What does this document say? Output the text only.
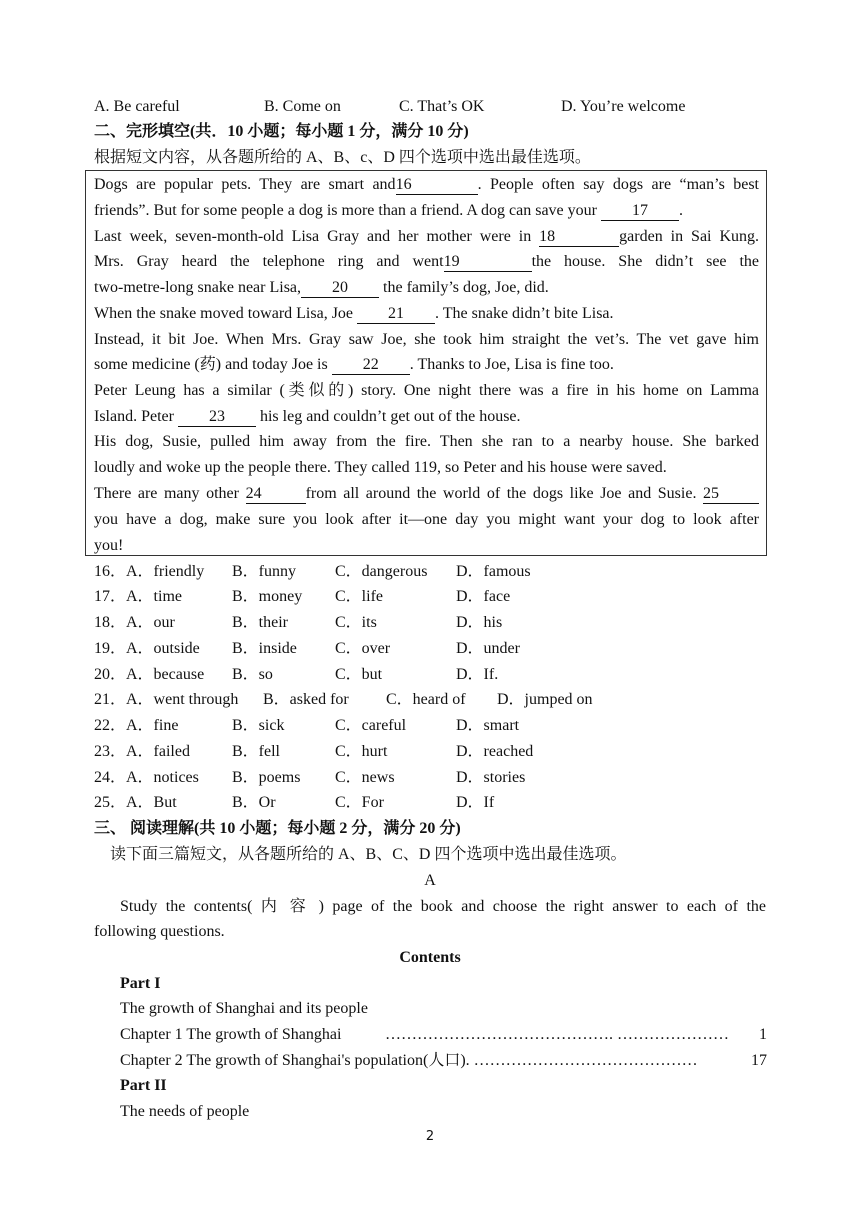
A. Be careful	B. Come on	C. That’s OK	D. You’re welcome
二、完形填空(共．10 小题；每小题 1 分，满分 10 分)
根据短文内容，从各题所给的 A、B、c、D 四个选项中选出最佳选项。
Dogs are popular pets. They are smart and16	. People often say dogs are “man’s best
friends”. But for some people a dog is more than a friend. A dog can save your 17 .
Last week, seven-month-old Lisa Gray and her mother were in 18	garden in Sai Kung.
Mrs. Gray heard the telephone ring and went19	the house. She didn’t see the
two-metre-long snake near Lisa, 20 the family’s dog, Joe, did.
When the snake moved toward Lisa, Joe 21 . The snake didn’t bite Lisa.
Instead, it bit Joe. When Mrs. Gray saw Joe, she took him straight the vet’s. The vet gave him
some medicine (药) and today Joe is 22 . Thanks to Joe, Lisa is fine too.
Peter Leung has a similar (类似的) story. One night there was a fire in his home on Lamma
Island. Peter 23 his leg and couldn’t get out of the house.
His dog, Susie, pulled him away from the fire. Then she ran to a nearby house. She barked
loudly and woke up the people there. They called 119, so Peter and his house were saved.
There are many other 24	from all around the world of the dogs like Joe and Susie. 25
you have a dog, make sure you look after it—one day you might want your dog to look after
you!
16．A．friendly B．funny C．dangerous D．famous
17．A．time	B．money C．life	D．face
18．A．our	B．their	C．its	D．his
19．A．outside B．inside C．over	D．under
20．A．because B．so	C．but	D．If.
21．A．went through B．asked for C．heard of D．jumped on
22．A．fine	B．sick	C．careful	D．smart
23．A．failed	B．fell	C．hurt	D．reached
24．A．notices B．poems C．news	D．stories
25．A．But	B．Or	C．For	D．If
三、 阅读理解(共 10 小题；每小题 2 分，满分 20 分)
读下面三篇短文，从各题所给的 A、B、C、D 四个选项中选出最佳选项。
A
Study the contents( 内 容 ) page of the book and choose the right answer to each of the
following questions.
Contents
Part I
The growth of Shanghai and its people
Chapter 1 The growth of Shanghai	……………………………………. ………………… 1
Chapter 2 The growth of Shanghai's population(人口). ……………………………………	17
Part II
The needs of people
2
